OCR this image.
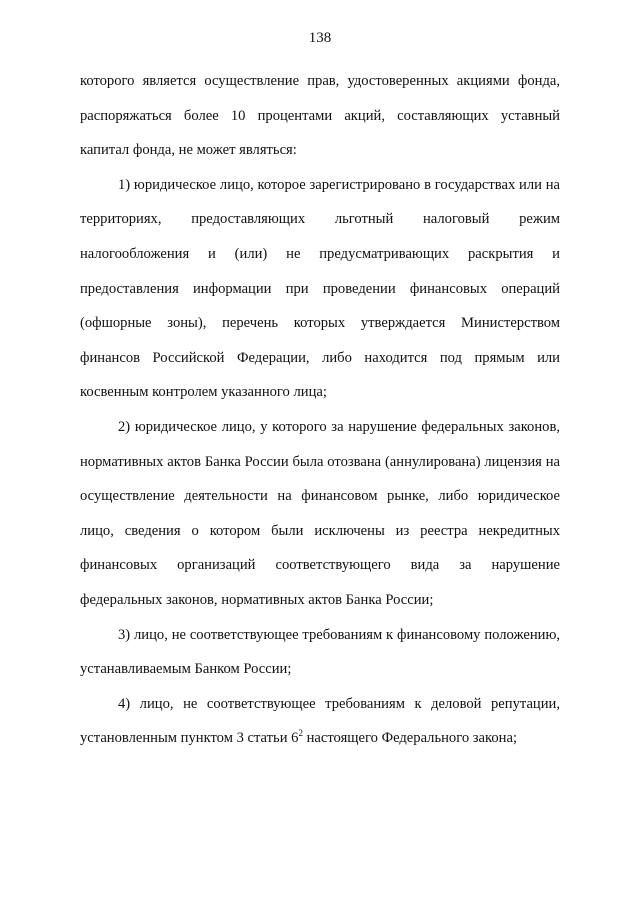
138

которого является осуществление прав, удостоверенных акциями фонда, распоряжаться более 10 процентами акций, составляющих уставный капитал фонда, не может являться:

1) юридическое лицо, которое зарегистрировано в государствах или на территориях, предоставляющих льготный налоговый режим налогообложения и (или) не предусматривающих раскрытия и предоставления информации при проведении финансовых операций (офшорные зоны), перечень которых утверждается Министерством финансов Российской Федерации, либо находится под прямым или косвенным контролем указанного лица;

2) юридическое лицо, у которого за нарушение федеральных законов, нормативных актов Банка России была отозвана (аннулирована) лицензия на осуществление деятельности на финансовом рынке, либо юридическое лицо, сведения о котором были исключены из реестра некредитных финансовых организаций соответствующего вида за нарушение федеральных законов, нормативных актов Банка России;

3) лицо, не соответствующее требованиям к финансовому положению, устанавливаемым Банком России;

4) лицо, не соответствующее требованиям к деловой репутации, установленным пунктом 3 статьи $6^2$ настоящего Федерального закона;
